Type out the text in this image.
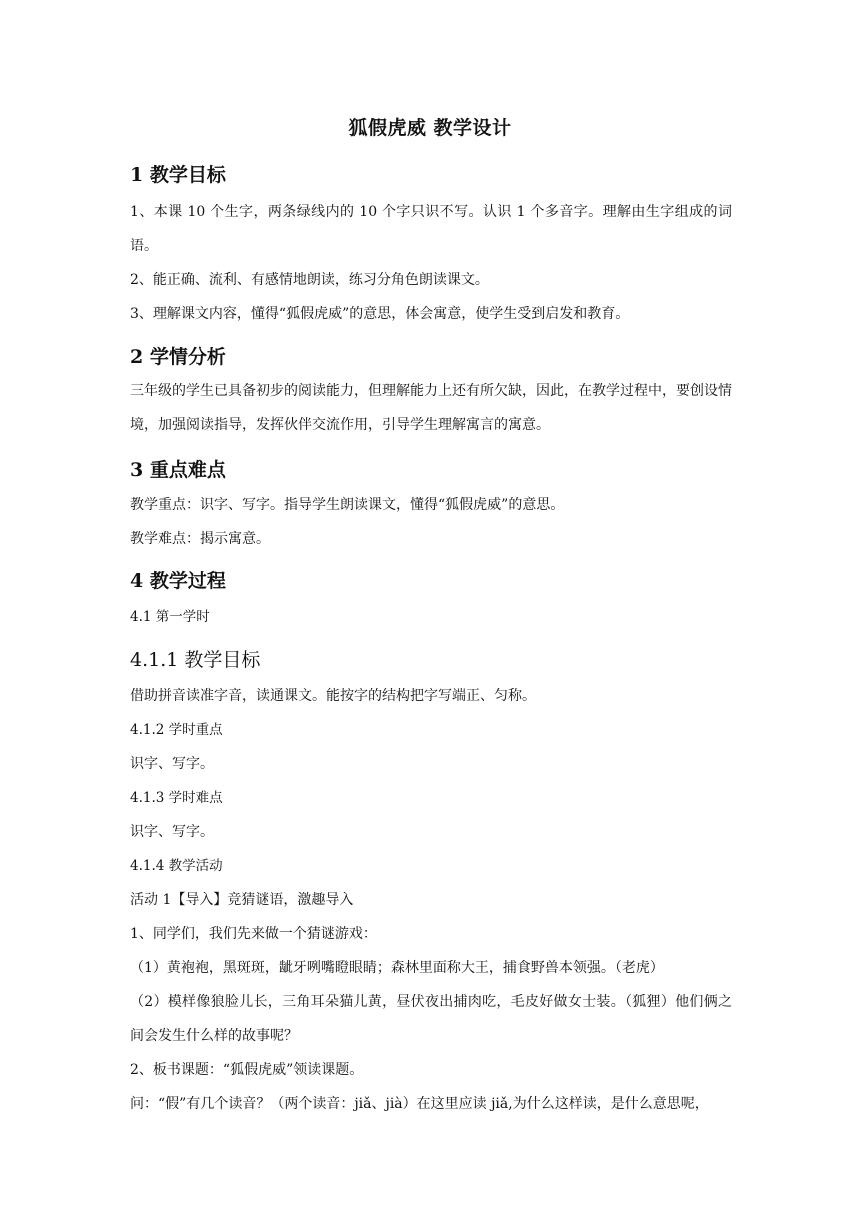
狐假虎威 教学设计
1 教学目标
1、本课 10 个生字，两条绿线内的 10 个字只识不写。认识 1 个多音字。理解由生字组成的词语。
2、能正确、流利、有感情地朗读，练习分角色朗读课文。
3、理解课文内容，懂得“狐假虎威”的意思，体会寓意，使学生受到启发和教育。
2 学情分析
三年级的学生已具备初步的阅读能力，但理解能力上还有所欠缺，因此，在教学过程中，要创设情境，加强阅读指导，发挥伙伴交流作用，引导学生理解寓言的寓意。
3 重点难点
教学重点：识字、写字。指导学生朗读课文，懂得“狐假虎威”的意思。
教学难点：揭示寓意。
4 教学过程
4.1 第一学时
4.1.1 教学目标
借助拼音读准字音，读通课文。能按字的结构把字写端正、匀称。
4.1.2 学时重点
识字、写字。
4.1.3 学时难点
识字、写字。
4.1.4 教学活动
活动 1【导入】竞猜谜语，激趣导入
1、同学们，我们先来做一个猜谜游戏：
（1）黄袍袍，黑斑斑，龇牙咧嘴瞪眼睛；森林里面称大王，捕食野兽本领强。（老虎）
（2）模样像狼脸儿长，三角耳朵猫儿黄，昼伏夜出捕肉吃，毛皮好做女士装。（狐狸）他们俩之间会发生什么样的故事呢？
2、板书课题：“狐假虎威”领读课题。
问：“假”有几个读音？（两个读音：jiǎ、jià）在这里应读 jiǎ,为什么这样读，是什么意思呢，
